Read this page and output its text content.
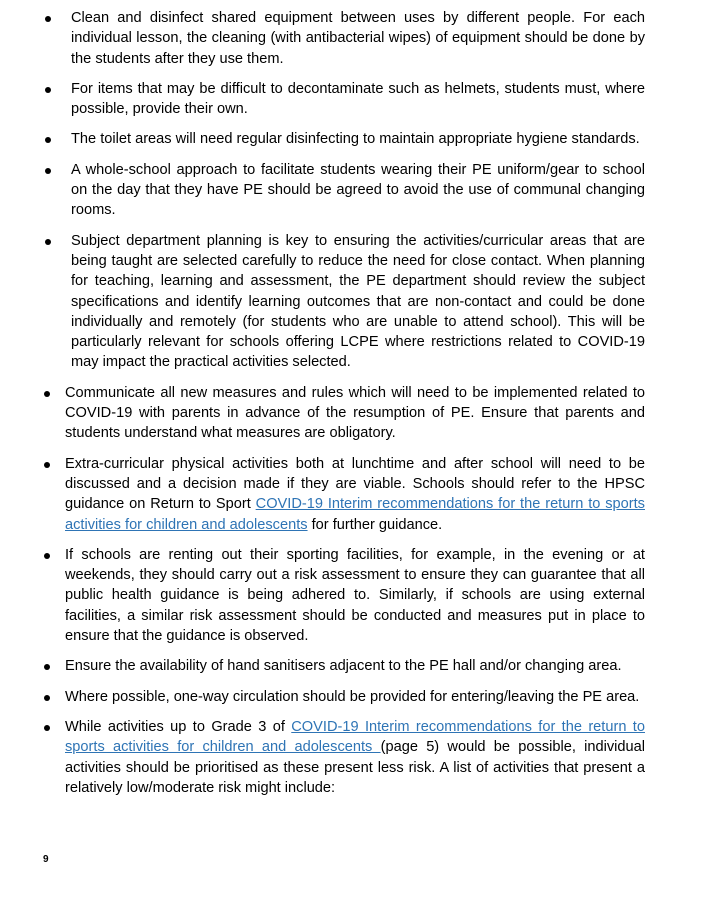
Clean and disinfect shared equipment between uses by different people. For each individual lesson, the cleaning (with antibacterial wipes) of equipment should be done by the students after they use them.
For items that may be difficult to decontaminate such as helmets, students must, where possible, provide their own.
The toilet areas will need regular disinfecting to maintain appropriate hygiene standards.
A whole-school approach to facilitate students wearing their PE uniform/gear to school on the day that they have PE should be agreed to avoid the use of communal changing rooms.
Subject department planning is key to ensuring the activities/curricular areas that are being taught are selected carefully to reduce the need for close contact. When planning for teaching, learning and assessment, the PE department should review the subject specifications and identify learning outcomes that are non-contact and could be done individually and remotely (for students who are unable to attend school). This will be particularly relevant for schools offering LCPE where restrictions related to COVID-19 may impact the practical activities selected.
Communicate all new measures and rules which will need to be implemented related to COVID-19 with parents in advance of the resumption of PE. Ensure that parents and students understand what measures are obligatory.
Extra-curricular physical activities both at lunchtime and after school will need to be discussed and a decision made if they are viable. Schools should refer to the HPSC guidance on Return to Sport COVID-19 Interim recommendations for the return to sports activities for children and adolescents for further guidance.
If schools are renting out their sporting facilities, for example, in the evening or at weekends, they should carry out a risk assessment to ensure they can guarantee that all public health guidance is being adhered to. Similarly, if schools are using external facilities, a similar risk assessment should be conducted and measures put in place to ensure that the guidance is observed.
Ensure the availability of hand sanitisers adjacent to the PE hall and/or changing area.
Where possible, one-way circulation should be provided for entering/leaving the PE area.
While activities up to Grade 3 of COVID-19 Interim recommendations for the return to sports activities for children and adolescents (page 5) would be possible, individual activities should be prioritised as these present less risk. A list of activities that present a relatively low/moderate risk might include:
9
